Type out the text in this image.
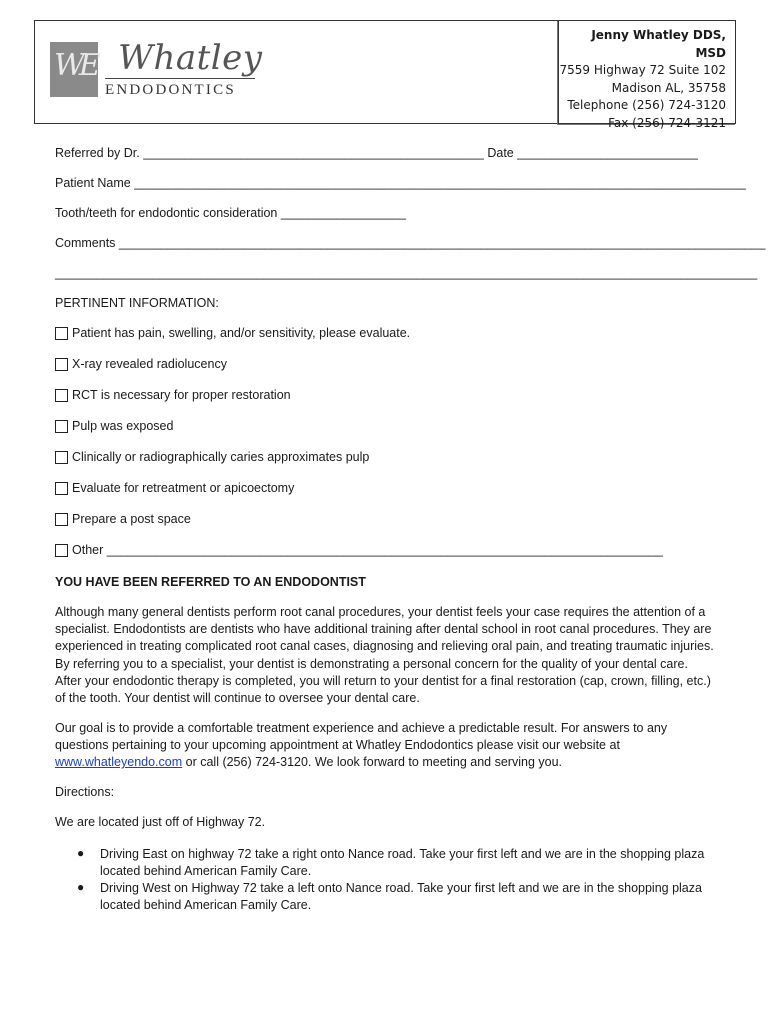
WE Whatley
ENDODONTICS
Jenny Whatley DDS, MSD
7559 Highway 72 Suite 102
Madison AL, 35758
Telephone (256) 724-3120
Fax (256) 724-3121
Referred by Dr. _________________________________________________ Date __________________________
Patient Name ________________________________________________________________________________________
Tooth/teeth for endodontic consideration __________________
Comments _____________________________________________________________________________________________
_____________________________________________________________________________________________________
PERTINENT INFORMATION:
Patient has pain, swelling, and/or sensitivity, please evaluate.
X-ray revealed radiolucency
RCT is necessary for proper restoration
Pulp was exposed
Clinically or radiographically caries approximates pulp
Evaluate for retreatment or apicoectomy
Prepare a post space
Other ________________________________________________________________________________
YOU HAVE BEEN REFERRED TO AN ENDODONTIST
Although many general dentists perform root canal procedures, your dentist feels your case requires the attention of a specialist. Endodontists are dentists who have additional training after dental school in root canal procedures. They are experienced in treating complicated root canal cases, diagnosing and relieving oral pain, and treating traumatic injuries. By referring you to a specialist, your dentist is demonstrating a personal concern for the quality of your dental care. After your endodontic therapy is completed, you will return to your dentist for a final restoration (cap, crown, filling, etc.) of the tooth. Your dentist will continue to oversee your dental care.
Our goal is to provide a comfortable treatment experience and achieve a predictable result. For answers to any questions pertaining to your upcoming appointment at Whatley Endodontics please visit our website at www.whatleyendo.com or call (256) 724-3120. We look forward to meeting and serving you.
Directions:
We are located just off of Highway 72.
● Driving East on highway 72 take a right onto Nance road. Take your first left and we are in the shopping plaza located behind American Family Care.
● Driving West on Highway 72 take a left onto Nance road. Take your first left and we are in the shopping plaza located behind American Family Care.
